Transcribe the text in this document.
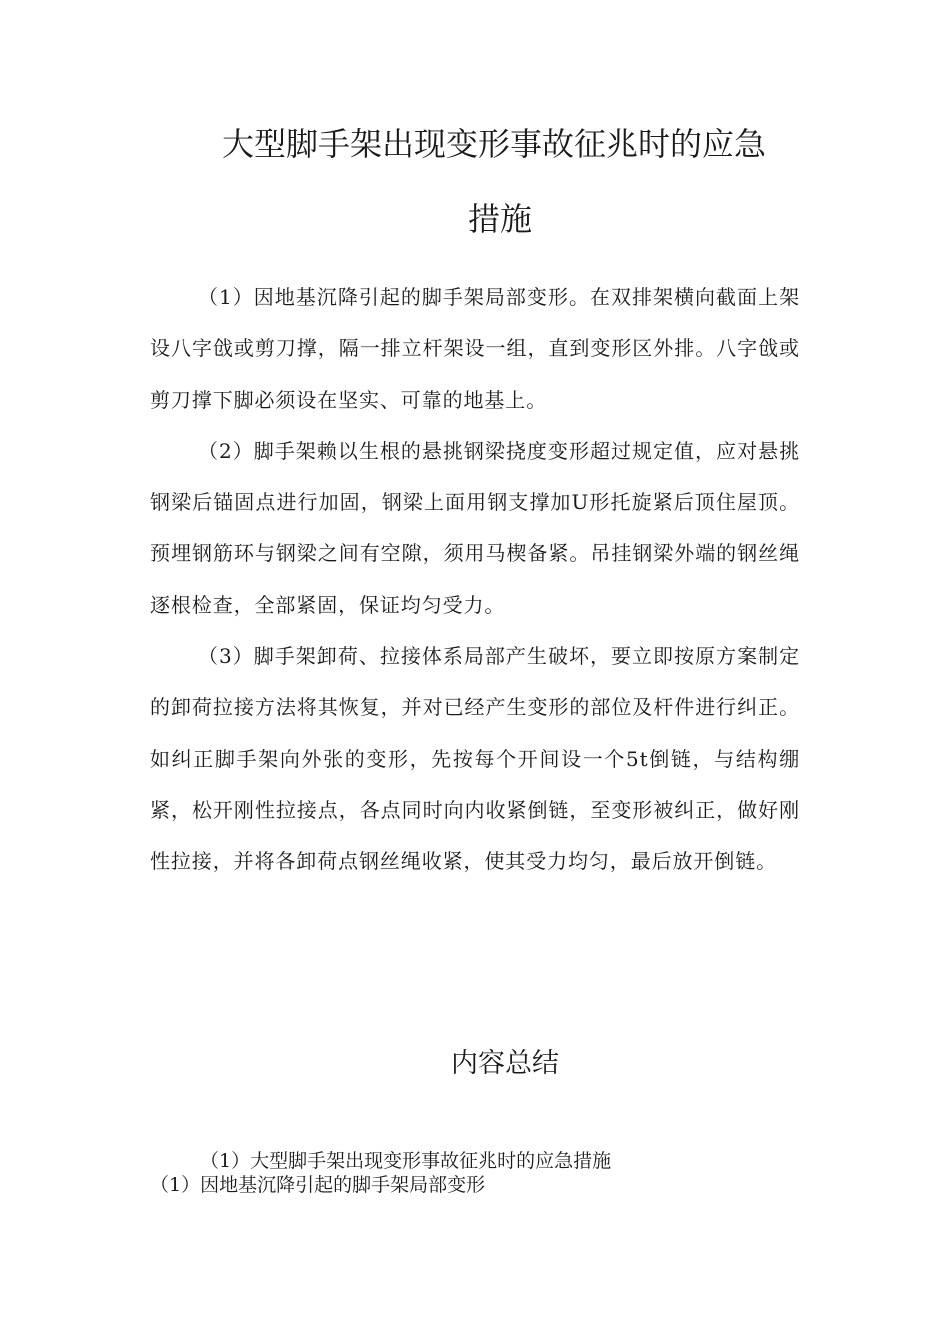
大型脚手架出现变形事故征兆时的应急
措施

（1）因地基沉降引起的脚手架局部变形。在双排架横向截面上架设八字戗或剪刀撑，隔一排立杆架设一组，直到变形区外排。八字戗或剪刀撑下脚必须设在坚实、可靠的地基上。

（2）脚手架赖以生根的悬挑钢梁挠度变形超过规定值，应对悬挑钢梁后锚固点进行加固，钢梁上面用钢支撑加U形托旋紧后顶住屋顶。预埋钢筋环与钢梁之间有空隙，须用马楔备紧。吊挂钢梁外端的钢丝绳逐根检查，全部紧固，保证均匀受力。

（3）脚手架卸荷、拉接体系局部产生破坏，要立即按原方案制定的卸荷拉接方法将其恢复，并对已经产生变形的部位及杆件进行纠正。如纠正脚手架向外张的变形，先按每个开间设一个5t倒链，与结构绷紧，松开刚性拉接点，各点同时向内收紧倒链，至变形被纠正，做好刚性拉接，并将各卸荷点钢丝绳收紧，使其受力均匀，最后放开倒链。

内容总结
（1）大型脚手架出现变形事故征兆时的应急措施
（1）因地基沉降引起的脚手架局部变形
